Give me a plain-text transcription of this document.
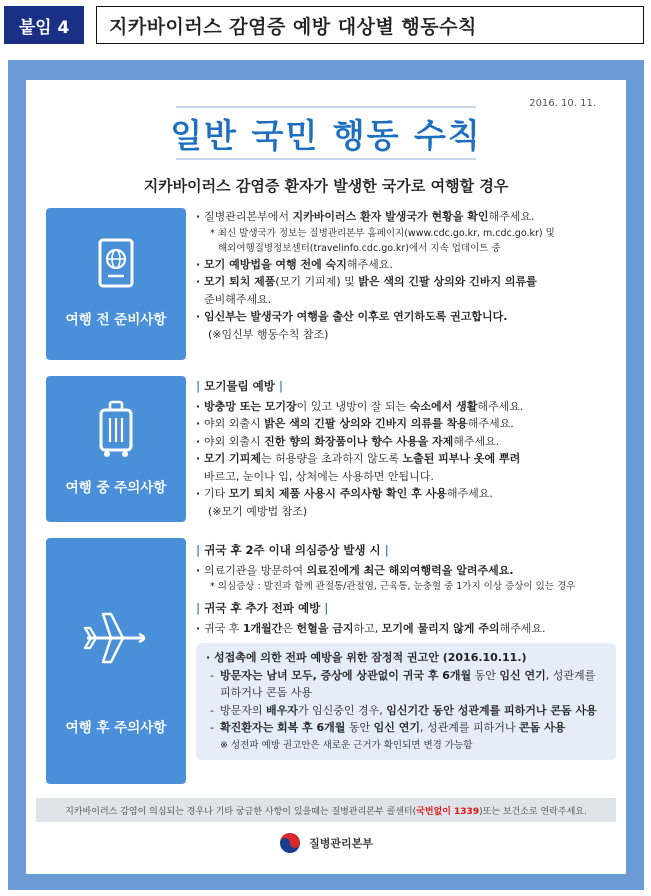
붙임 4	지카바이러스 감염증 예방 대상별 행동수칙
2016. 10. 11.
일반 국민 행동 수칙
지카바이러스 감염증 환자가 발생한 국가로 여행할 경우
여행 전 준비사항
· 질병관리본부에서 지카바이러스 환자 발생국가 현황을 확인해주세요.
* 최신 발생국가 정보는 질병관리본부 홈페이지(www.cdc.go.kr, m.cdc.go.kr) 및
해외여행질병정보센터(travelinfo.cdc.go.kr)에서 지속 업데이트 중
· 모기 예방법을 여행 전에 숙지해주세요.
· 모기 퇴치 제품(모기 기피제) 및 밝은 색의 긴팔 상의와 긴바지 의류를
준비해주세요.
· 임신부는 발생국가 여행을 출산 이후로 연기하도록 권고합니다.
(※임신부 행동수칙 참조)
여행 중 주의사항
| 모기물림 예방 |
· 방충망 또는 모기장이 있고 냉방이 잘 되는 숙소에서 생활해주세요.
· 야외 외출시 밝은 색의 긴팔 상의와 긴바지 의류를 착용해주세요.
· 야외 외출시 진한 향의 화장품이나 향수 사용을 자제해주세요.
· 모기 기피제는 허용량을 초과하지 않도록 노출된 피부나 옷에 뿌려
바르고, 눈이나 입, 상처에는 사용하면 안됩니다.
· 기타 모기 퇴치 제품 사용시 주의사항 확인 후 사용해주세요.
(※모기 예방법 참조)
여행 후 주의사항
| 귀국 후 2주 이내 의심증상 발생 시 |
· 의료기관을 방문하여 의료진에게 최근 해외여행력을 알려주세요.
* 의심증상 : 발진과 함께 관절통/관절염, 근육통, 눈충혈 중 1가지 이상 증상이 있는 경우
| 귀국 후 추가 전파 예방 |
· 귀국 후 1개월간은 헌혈을 금지하고, 모기에 물리지 않게 주의해주세요.
· 성접촉에 의한 전파 예방을 위한 잠정적 권고안 (2016.10.11.)
- 방문자는 남녀 모두, 증상에 상관없이 귀국 후 6개월 동안 임신 연기, 성관계를
피하거나 콘돔 사용
- 방문자의 배우자가 임신중인 경우, 임신기간 동안 성관계를 피하거나 콘돔 사용
- 확진환자는 회복 후 6개월 동안 임신 연기, 성관계를 피하거나 콘돔 사용
※ 성전파 예방 권고안은 새로운 근거가 확인되면 변경 가능함
지카바이러스 감염이 의심되는 경우나 기타 궁금한 사항이 있을때는 질병관리본부 콜센터( 국번없이 1339 )또는 보건소로 연락주세요.
질병관리본부
